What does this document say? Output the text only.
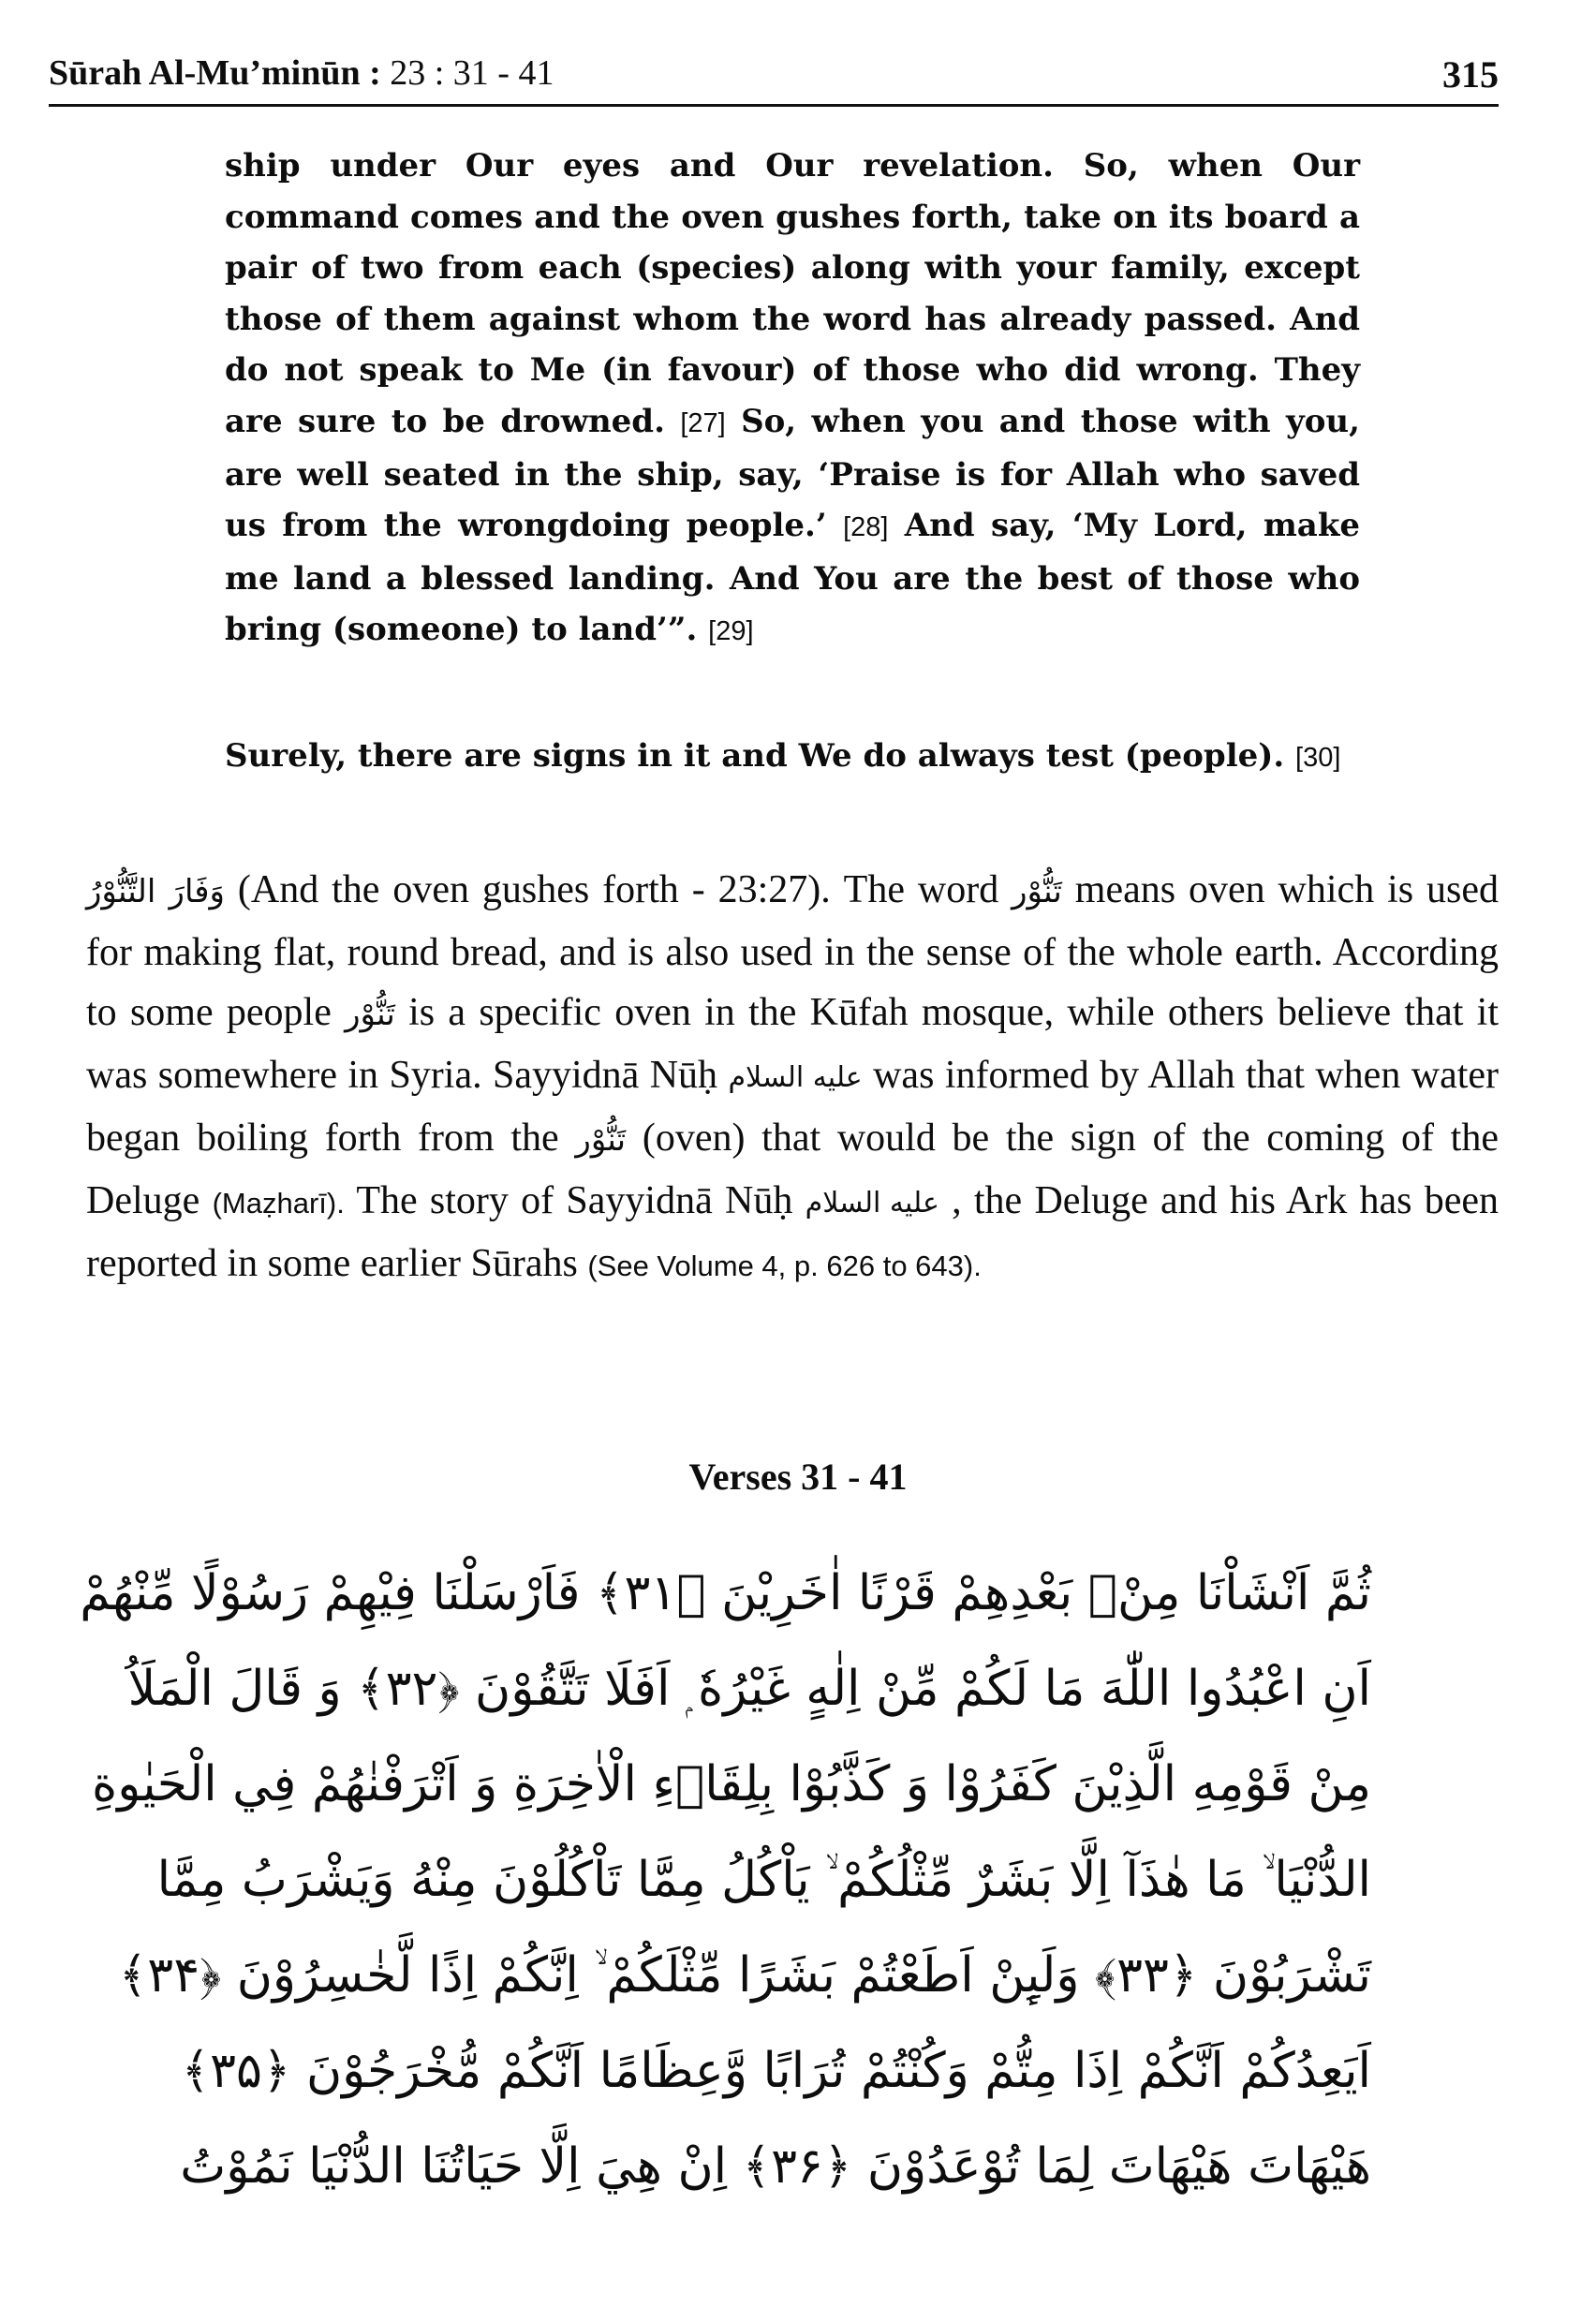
Sūrah Al-Mu’minūn : 23 : 31 - 41	315

ship under Our eyes and Our revelation. So, when Our command comes and the oven gushes forth, take on its board a pair of two from each (species) along with your family, except those of them against whom the word has already passed. And do not speak to Me (in favour) of those who did wrong. They are sure to be drowned. [27] So, when you and those with you, are well seated in the ship, say, ‘Praise is for Allah who saved us from the wrongdoing people.’ [28] And say, ‘My Lord, make me land a blessed landing. And You are the best of those who bring (someone) to land’”. [29]

Surely, there are signs in it and We do always test (people). [30]

وَفَارَ التَّنُّوْرُ (And the oven gushes forth - 23:27). The word تَنُّوْر means oven which is used for making flat, round bread, and is also used in the sense of the whole earth. According to some people تَنُّوْر is a specific oven in the Kūfah mosque, while others believe that it was somewhere in Syria. Sayyidnā Nūḥ عليه السلام was informed by Allah that when water began boiling forth from the تَنُّوْر (oven) that would be the sign of the coming of the Deluge (Maẓharī). The story of Sayyidnā Nūḥ عليه السلام , the Deluge and his Ark has been reported in some earlier Sūrahs (See Volume 4, p. 626 to 643).

Verses 31 - 41
ثُمَّ اَنْشَاْنَا مِنْۢ بَعْدِهِمْ قَرْنًا اٰخَرِيْنَ ﴿۳۱﴾ فَاَرْسَلْنَا فِيْهِمْ رَسُوْلًا مِّنْهُمْ
اَنِ اعْبُدُوا اللّٰهَ مَا لَكُمْ مِّنْ اِلٰهٍ غَيْرُهٗ ۭ اَفَلَا تَتَّقُوْنَ ﴿۳۲﴾ وَ قَالَ الْمَلَاُ
مِنْ قَوْمِهِ الَّذِيْنَ كَفَرُوْا وَ كَذَّبُوْا بِلِقَاۗءِ الْاٰخِرَةِ وَ اَتْرَفْنٰهُمْ فِي الْحَيٰوةِ
الدُّنْيَا ۙ مَا هٰذَآ اِلَّا بَشَرٌ مِّثْلُكُمْ ۙ يَاْكُلُ مِمَّا تَاْكُلُوْنَ مِنْهُ وَيَشْرَبُ مِمَّا
تَشْرَبُوْنَ ﴿۳۳﴾ وَلَىِٕنْ اَطَعْتُمْ بَشَرًا مِّثْلَكُمْ ۙ اِنَّكُمْ اِذًا لَّخٰسِرُوْنَ ﴿۳۴﴾
اَيَعِدُكُمْ اَنَّكُمْ اِذَا مِتُّمْ وَكُنْتُمْ تُرَابًا وَّعِظَامًا اَنَّكُمْ مُّخْرَجُوْنَ ﴿۳۵﴾
هَيْهَاتَ هَيْهَاتَ لِمَا تُوْعَدُوْنَ ﴿۳۶﴾ اِنْ هِيَ اِلَّا حَيَاتُنَا الدُّنْيَا نَمُوْتُ
